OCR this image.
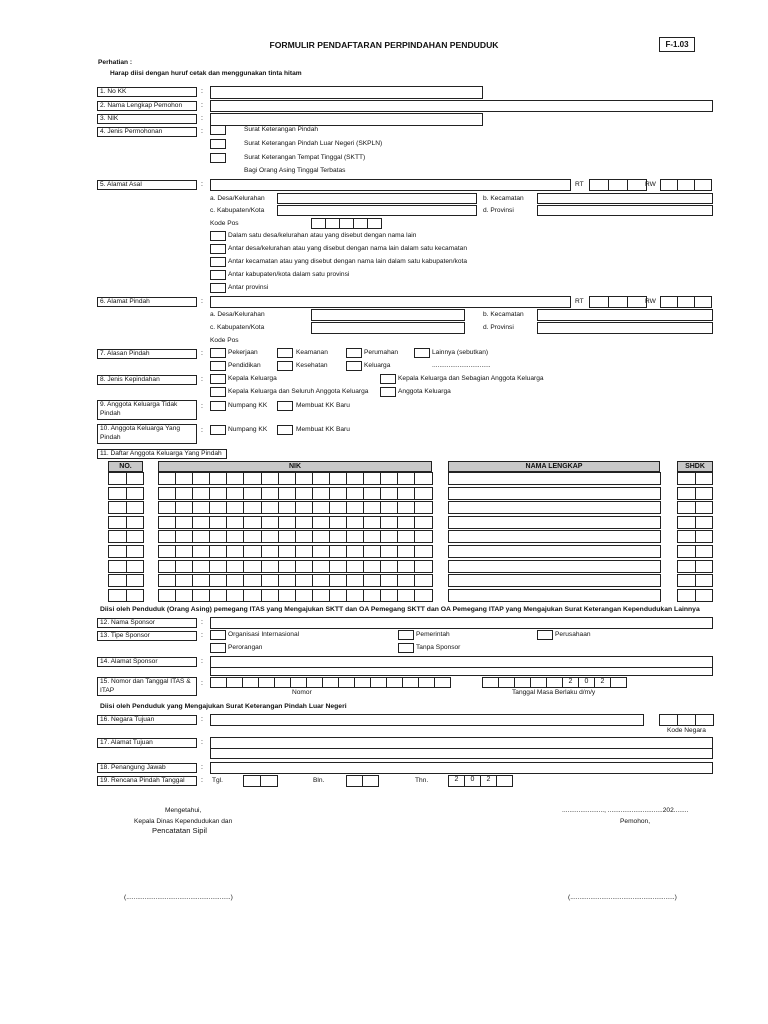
FORMULIR PENDAFTARAN PERPINDAHAN PENDUDUK	F-1.03
Perhatian :
Harap diisi dengan huruf cetak dan menggunakan tinta hitam
1. No KK	:
2. Nama Lengkap Pemohon	:
3. NIK	:
4. Jenis Permohonan	:	Surat Keterangan Pindah
Surat Keterangan Pindah Luar Negeri (SKPLN)
Surat Keterangan Tempat Tinggal (SKTT)
Bagi Orang Asing Tinggal Terbatas
5. Alamat Asal	:	RT	RW
a. Desa/Kelurahan	b. Kecamatan
c. Kabupaten/Kota	d. Provinsi
Kode Pos
Dalam satu desa/kelurahan atau yang disebut dengan nama lain
Antar desa/kelurahan atau yang disebut dengan nama lain dalam satu kecamatan
Antar kecamatan atau yang disebut dengan nama lain dalam satu kabupaten/kota
Antar kabupaten/kota dalam satu provinsi
Antar provinsi
6. Alamat Pindah	:	RT	RW
a. Desa/Kelurahan	b. Kecamatan
c. Kabupaten/Kota	d. Provinsi
Kode Pos
7. Alasan Pindah	:	Pekerjaan	Keamanan	Perumahan	Lainnya (sebutkan)
Pendidikan	Kesehatan	Keluarga	................................
8. Jenis Kepindahan	:	Kepala Keluarga	Kepala Keluarga dan Sebagian Anggota Keluarga
Kepala Keluarga dan Seluruh Anggota Keluarga	Anggota Keluarga
9. Anggota Keluarga Tidak Pindah
:	Numpang KK	Membuat KK Baru
10. Anggota Keluarga Yang Pindah
:	Numpang KK	Membuat KK Baru
11. Daftar Anggota Keluarga Yang Pindah
NO.	NIK	NAMA LENGKAP	SHDK
Diisi oleh Penduduk (Orang Asing) pemegang ITAS yang Mengajukan SKTT dan OA Pemegang SKTT dan OA Pemegang ITAP yang Mengajukan Surat Keterangan Kependudukan Lainnya
12. Nama Sponsor	:
13. Tipe Sponsor	:	Organisasi Internasional	Pemerintah	Perusahaan
Perorangan	Tanpa Sponsor
14. Alamat Sponsor	:
15. Nomor dan Tanggal ITAS & ITAP
:
Nomor
2	0	2
Tanggal Masa Berlaku d/m/y
Diisi oleh Penduduk yang Mengajukan Surat Keterangan Pindah Luar Negeri
16. Negara Tujuan	:
Kode Negara
17. Alamat Tujuan	:
18. Penangung Jawab	:
19. Rencana Pindah Tanggal	: Tgl.	Bln.	Thn.	2	0	2
Mengetahui,
Kepala Dinas Kependudukan dan
Pencatatan Sipil
......................., ..............................202........
Pemohon,
(.........................................................)	(.........................................................)
